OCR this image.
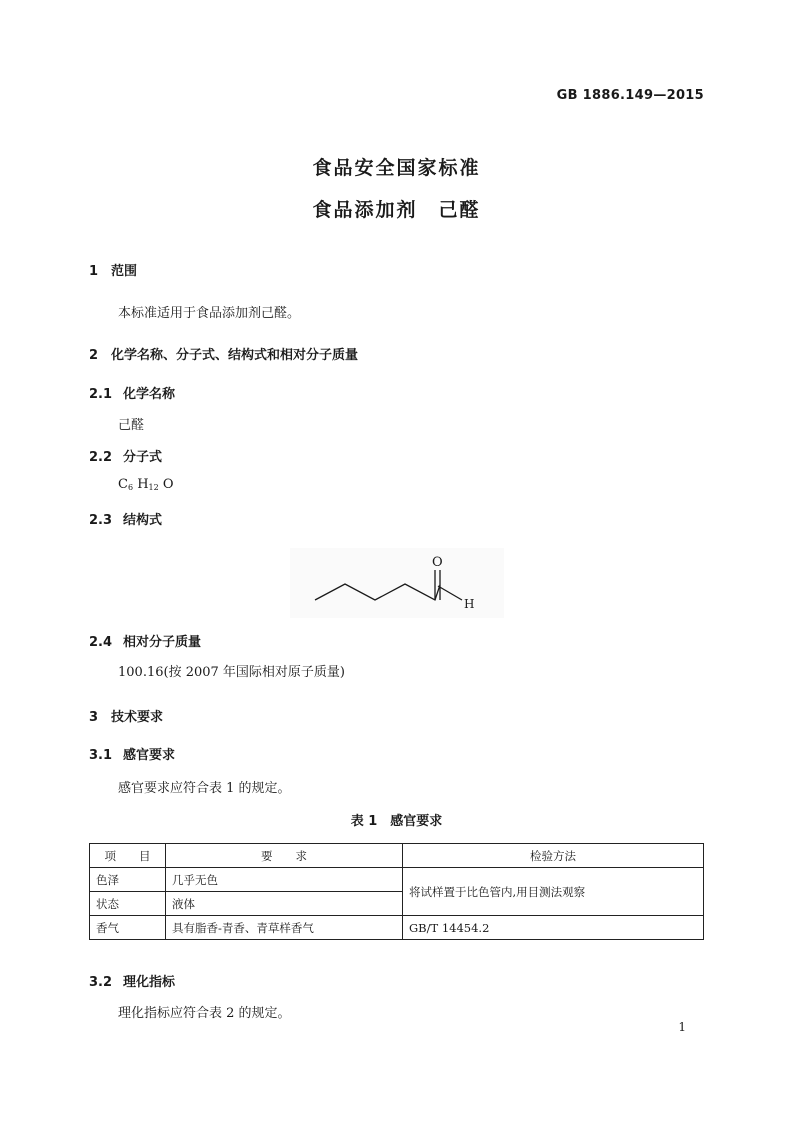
GB 1886.149—2015
食品安全国家标准
食品添加剂　己醛
1 范围
本标准适用于食品添加剂己醛。
2 化学名称、分子式、结构式和相对分子质量
2.1 化学名称
己醛
2.2 分子式
$C_6$ $H_{12}$ O
2.3 结构式
O
H
2.4 相对分子质量
100.16(按 2007 年国际相对原子质量)
3 技术要求
3.1 感官要求
感官要求应符合表 1 的规定。
表 1　感官要求
项　　目	要　　求	检验方法
色泽	几乎无色	将试样置于比色管内,用目测法观察
状态	液体	
香气	具有脂香-青香、青草样香气	GB/T 14454.2
3.2 理化指标
理化指标应符合表 2 的规定。
1
